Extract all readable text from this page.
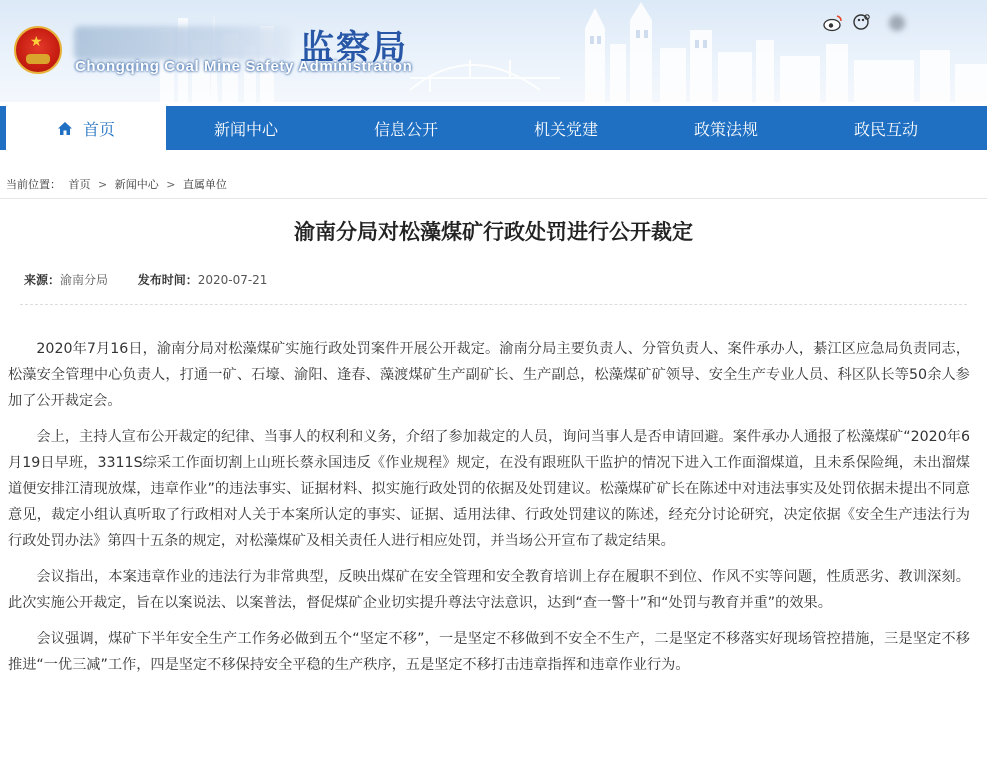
★	监察局
Chongqing Coal Mine Safety Administration
首页	新闻中心	信息公开	机关党建	政策法规	政民互动
当前位置： 首页 > 新闻中心 > 直属单位
渝南分局对松藻煤矿行政处罚进行公开裁定
来源：渝南分局 发布时间：2020-07-21

2020年7月16日，渝南分局对松藻煤矿实施行政处罚案件开展公开裁定。渝南分局主要负责人、分管负责人、案件承办人，綦江区应急局负责同志，松藻安全管理中心负责人，打通一矿、石壕、渝阳、逢春、藻渡煤矿生产副矿长、生产副总，松藻煤矿矿领导、安全生产专业人员、科区队长等50余人参加了公开裁定会。

会上，主持人宣布公开裁定的纪律、当事人的权利和义务，介绍了参加裁定的人员，询问当事人是否申请回避。案件承办人通报了松藻煤矿“2020年6月19日早班，3311S综采工作面切割上山班长蔡永国违反《作业规程》规定，在没有跟班队干监护的情况下进入工作面溜煤道，且未系保险绳，未出溜煤道便安排江清现放煤，违章作业”的违法事实、证据材料、拟实施行政处罚的依据及处罚建议。松藻煤矿矿长在陈述中对违法事实及处罚依据未提出不同意意见，裁定小组认真听取了行政相对人关于本案所认定的事实、证据、适用法律、行政处罚建议的陈述，经充分讨论研究，决定依据《安全生产违法行为行政处罚办法》第四十五条的规定，对松藻煤矿及相关责任人进行相应处罚，并当场公开宣布了裁定结果。

会议指出，本案违章作业的违法行为非常典型，反映出煤矿在安全管理和安全教育培训上存在履职不到位、作风不实等问题，性质恶劣、教训深刻。此次实施公开裁定，旨在以案说法、以案普法，督促煤矿企业切实提升尊法守法意识，达到“查一警十”和“处罚与教育并重”的效果。

会议强调，煤矿下半年安全生产工作务必做到五个“坚定不移”，一是坚定不移做到不安全不生产，二是坚定不移落实好现场管控措施，三是坚定不移推进“一优三减”工作，四是坚定不移保持安全平稳的生产秩序，五是坚定不移打击违章指挥和违章作业行为。
